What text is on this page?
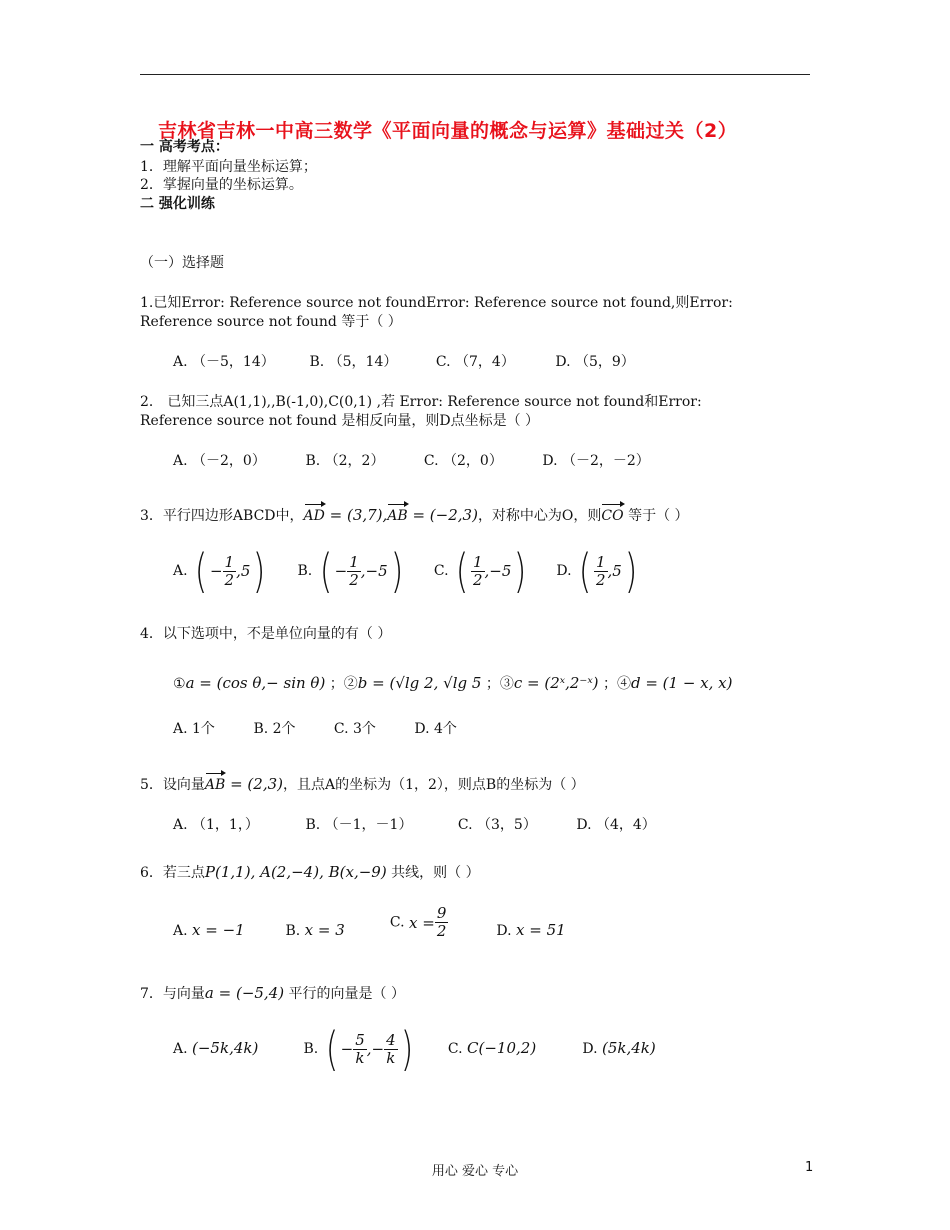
吉林省吉林一中高三数学《平面向量的概念与运算》基础过关（2）
一 高考考点：
1．理解平面向量坐标运算；
2．掌握向量的坐标运算。
二 强化训练
（一）选择题
1.已知Error: Reference source not foundError: Reference source not found,则Error:
Reference source not found 等于（ ）
A. （－5，14） B. （5，14）	C. （7，4）	D. （5，9）
2． 已知三点A(1,1),,B(-1,0),C(0,1) ,若 Error: Reference source not found和Error:
Reference source not found 是相反向量，则D点坐标是（ ）
A. （－2，0）	B. （2，2）	C. （2，0）	D. （－2，－2）
3．平行四边形ABCD中，AD = (3,7),AB = (−2,3)，对称中心为O，则CO 等于（ ）
A. ( − $\frac{1}{2} ,5$) B. ( − $\frac{1}{2} ,-5$) C. ( $\frac{1}{2} ,-5$) D. ( $\frac{1}{2} ,5$)
4．以下选项中，不是单位向量的有（ ）
①a = (cos θ,− sin θ) ；②b = (√lg 2, √lg 5 ；③c = (2ˣ,2⁻ˣ) ；④d = (1 − x, x)
A. 1个	B. 2个	C. 3个	D. 4个
5．设向量AB = (2,3)，且点A的坐标为（1，2），则点B的坐标为（ ）
A. （1，1，）	B. （－1，－1）	C. （3，5）	D. （4，4）
6．若三点P(1,1), A(2,−4), B(x,−9) 共线，则（ ）
A. x = −1	B. x = 3	C. $x = \frac{9}{2}$	D. x = 51
7．与向量a = (−5,4) 平行的向量是（ ）
A. (−5k,4k)	B. ( − $\frac{5}{k}$ ,− $\frac{4}{k}$ )	C. C(−10,2)	D. (5k,4k)
用心 爱心 专心	1
